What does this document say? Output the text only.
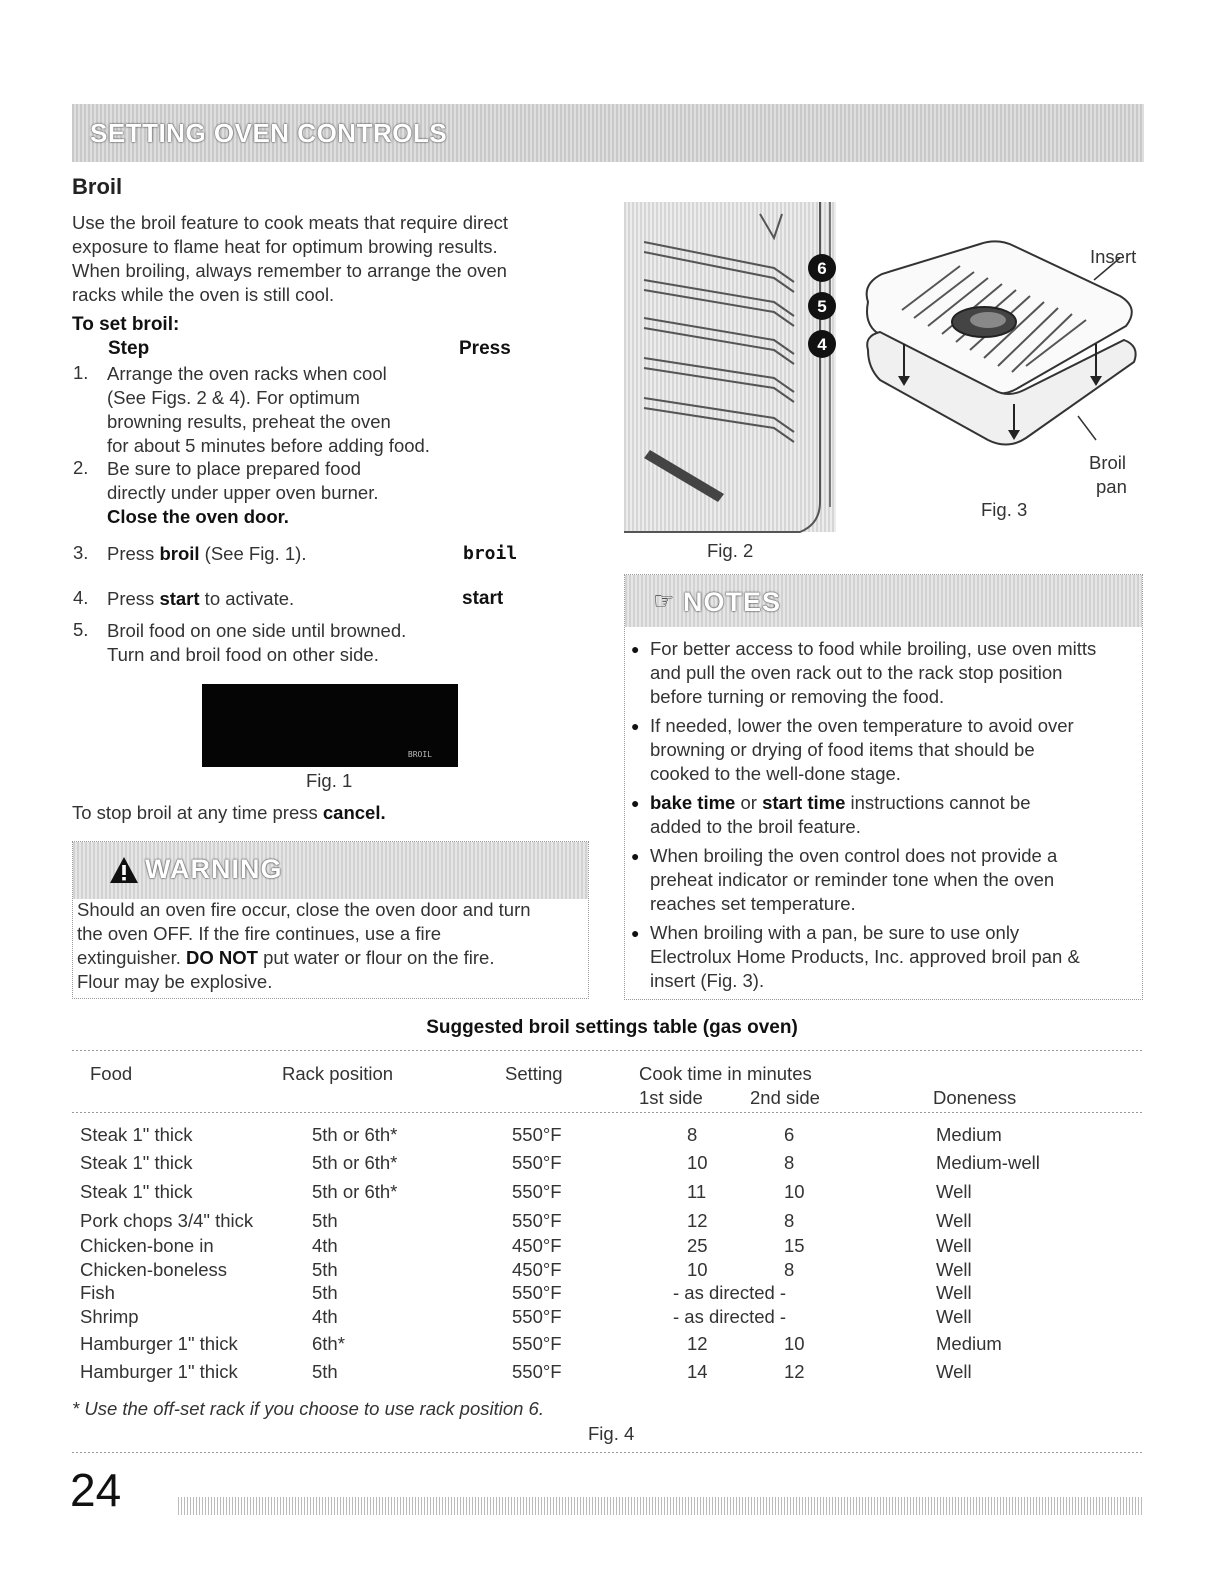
SETTING OVEN CONTROLS
Broil
Use the broil feature to cook meats that require direct
exposure to flame heat for optimum browing results.
When broiling, always remember to arrange the oven
racks while the oven is still cool.
To set broil:
Step	Press
1. Arrange the oven racks when cool
(See Figs. 2 & 4). For optimum
browning results, preheat the oven
for about 5 minutes before adding food.
2. Be sure to place prepared food
directly under upper oven burner.
Close the oven door.
3. Press broil (See Fig. 1).	broil
4. Press start to activate.	start
5. Broil food on one side until browned.
Turn and broil food on other side.
BROIL
Fig. 1
To stop broil at any time press cancel.
WARNING
Should an oven fire occur, close the oven door and turn
the oven OFF. If the fire continues, use a fire
extinguisher. DO NOT put water or flour on the fire.
Flour may be explosive.
6
5
4
Fig. 2
Insert
Broil
pan
Fig. 3
☞ NOTES
● For better access to food while broiling, use oven mitts
and pull the oven rack out to the rack stop position
before turning or removing the food.
● If needed, lower the oven temperature to avoid over
browning or drying of food items that should be
cooked to the well-done stage.
● bake time or start time instructions cannot be
added to the broil feature.
● When broiling the oven control does not provide a
preheat indicator or reminder tone when the oven
reaches set temperature.
● When broiling with a pan, be sure to use only
Electrolux Home Products, Inc. approved broil pan &
insert (Fig. 3).
Suggested broil settings table (gas oven)
Food	Rack position	Setting	Cook time in minutes
1st side	2nd side	Doneness
Steak 1" thick	5th or 6th*	550°F	8	6	Medium
Steak 1" thick	5th or 6th*	550°F	10	8	Medium-well
Steak 1" thick	5th or 6th*	550°F	11	10	Well
Pork chops 3/4" thick	5th	550°F	12	8	Well
Chicken-bone in	4th	450°F	25	15	Well
Chicken-boneless	5th	450°F	10	8	Well
Fish	5th	550°F	- as directed -	Well
Shrimp	4th	550°F	- as directed -	Well
Hamburger 1" thick	6th*	550°F	12	10	Medium
Hamburger 1" thick	5th	550°F	14	12	Well
* Use the off-set rack if you choose to use rack position 6.
Fig. 4
24
